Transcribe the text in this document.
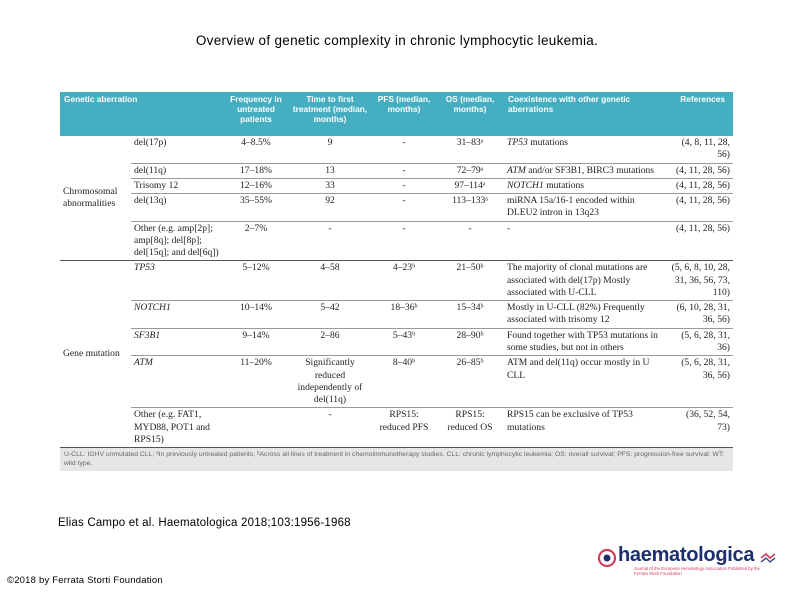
Overview of genetic complexity in chronic lymphocytic leukemia.
Genetic aberration		Frequency in untreated patients	Time to first treatment (median, months)	PFS (median, months)	OS (median, months)	Coexistence with other genetic aberrations	References
Chromosomal abnormalities	del(17p)	4–8.5%	9	-	31–83ᵃ	TP53 mutations	(4, 8, 11, 28, 56)
	del(11q)	17–18%	13	-	72–79ᵃ	ATM and/or SF3B1, BIRC3 mutations	(4, 11, 28, 56)
	Trisomy 12	12–16%	33	-	97–114ᵃ	NOTCH1 mutations	(4, 11, 28, 56)
	del(13q)	35–55%	92	-	113–133ᵃ	miRNA 15a/16-1 encoded within DLEU2 intron in 13q23	(4, 11, 28, 56)
	Other (e.g. amp[2p]; amp[8q]; del[8p]; del[15q]; and del[6q])	2–7%	-	-	-	-	(4, 11, 28, 56)
Gene mutation	TP53	5–12%	4–58	4–23ᵇ	21–50ᵇ	The majority of clonal mutations are associated with del(17p) Mostly associated with U-CLL	(5, 6, 8, 10, 28, 31, 36, 56, 73, 110)
	NOTCH1	10–14%	5–42	18–36ᵇ	15–34ᵇ	Mostly in U-CLL (82%) Frequently associated with trisomy 12	(6, 10, 28, 31, 36, 56)
	SF3B1	9–14%	2–86	5–43ᵇ	28–90ᵇ	Found together with TP53 mutations in some studies, but not in others	(5, 6, 28, 31, 36)
	ATM	11–20%	Significantly reduced independently of del(11q)	8–40ᵇ	26–85ᵇ	ATM and del(11q) occur mostly in U CLL	(5, 6, 28, 31, 36, 56)
	Other (e.g. FAT1, MYD88, POT1 and RPS15)		-	RPS15: reduced PFS	RPS15: reduced OS	RPS15 can be exclusive of TP53 mutations	(36, 52, 54, 73)
U-CLL: IGHV unmutated CLL; ᵃIn previously untreated patients; ᵇAcross all lines of treatment in chemoimmunotherapy studies. CLL: chronic lymphocytic leukemia; OS: overall survival; PFS: progression-free survival; WT: wild type.
Elias Campo et al. Haematologica 2018;103:1956-1968
©2018 by Ferrata Storti Foundation
haematologica
Journal of the European Hematology Association Published by the Ferrata Storti Foundation
